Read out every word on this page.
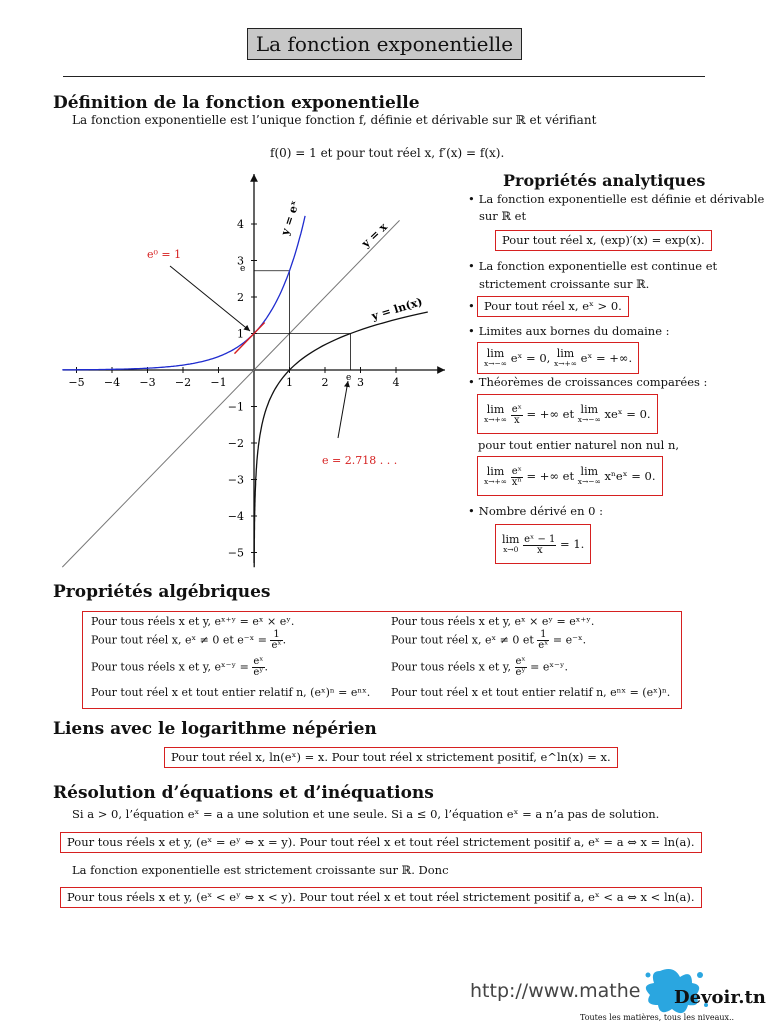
La fonction exponentielle
Définition de la fonction exponentielle
La fonction exponentielle est l’unique fonction f, définie et dérivable sur ℝ et vérifiant
f(0) = 1 et pour tout réel x, f′(x) = f(x).
−5 −4 −3 −2 −1	1	2	3	4
4
3
2
1
−1
−2
−3
−4
−5
e⁰ = 1
e = 2.718 . . .
y = eˣ	y = x
y = ln(x)
e
e
Propriétés analytiques
• La fonction exponentielle est définie et dérivable
sur ℝ et
Pour tout réel x, (exp)′(x) = exp(x).
• La fonction exponentielle est continue et
strictement croissante sur ℝ.
•
Pour tout réel x, eˣ > 0.
• Limites aux bornes du domaine :
lim
x→−∞ eˣ = 0, lim
x→+∞ eˣ = +∞.
• Théorèmes de croissances comparées :
lim
x→+∞
$\frac{\text{eˣ}}{x}$ = +∞ et lim
x→−∞ xeˣ = 0.
pour tout entier naturel non nul n,
lim
x→+∞
$\frac{\text{eˣ}}{\text{xⁿ}}$ = +∞ et lim
x→−∞ xⁿeˣ = 0.
• Nombre dérivé en 0 :
lim
x→0
$\frac{\text{eˣ − 1}}{x} = 1$.
Propriétés algébriques
Pour tous réels x et y, eˣ⁺ʸ = eˣ × eʸ.	Pour tous réels x et y, eˣ × eʸ = eˣ⁺ʸ.
Pour tout réel x, eˣ ≠ 0 et e⁻ˣ = $\frac{1}{\text{eˣ}}$ .	Pour tout réel x, eˣ ≠ 0 et $\frac{1}{\text{eˣ}}$ = e⁻ˣ.
Pour tous réels x et y, eˣ⁻ʸ = $\frac{\text{eˣ}}{\text{eʸ}}$ .	Pour tous réels x et y, $\frac{\text{eˣ}}{\text{eʸ}}$ = eˣ⁻ʸ.
Pour tout réel x et tout entier relatif n, (eˣ)ⁿ = eⁿˣ. Pour tout réel x et tout entier relatif n, eⁿˣ = (eˣ)ⁿ.
Liens avec le logarithme népérien
Pour tout réel x, ln(eˣ) = x. Pour tout réel x strictement positif, e^ln(x) = x.
Résolution d’équations et d’inéquations
Si a > 0, l’équation eˣ = a a une solution et une seule. Si a ≤ 0, l’équation eˣ = a n’a pas de solution.
Pour tous réels x et y, (eˣ = eʸ ⇔ x = y). Pour tout réel x et tout réel strictement positif a, eˣ = a ⇔ x = ln(a).
La fonction exponentielle est strictement croissante sur ℝ. Donc
Pour tous réels x et y, (eˣ < eʸ ⇔ x < y). Pour tout réel x et tout réel strictement positif a, eˣ < a ⇔ x < ln(a).
http://www.mathe Devoir.tn
Toutes les matières, tous les niveaux..
